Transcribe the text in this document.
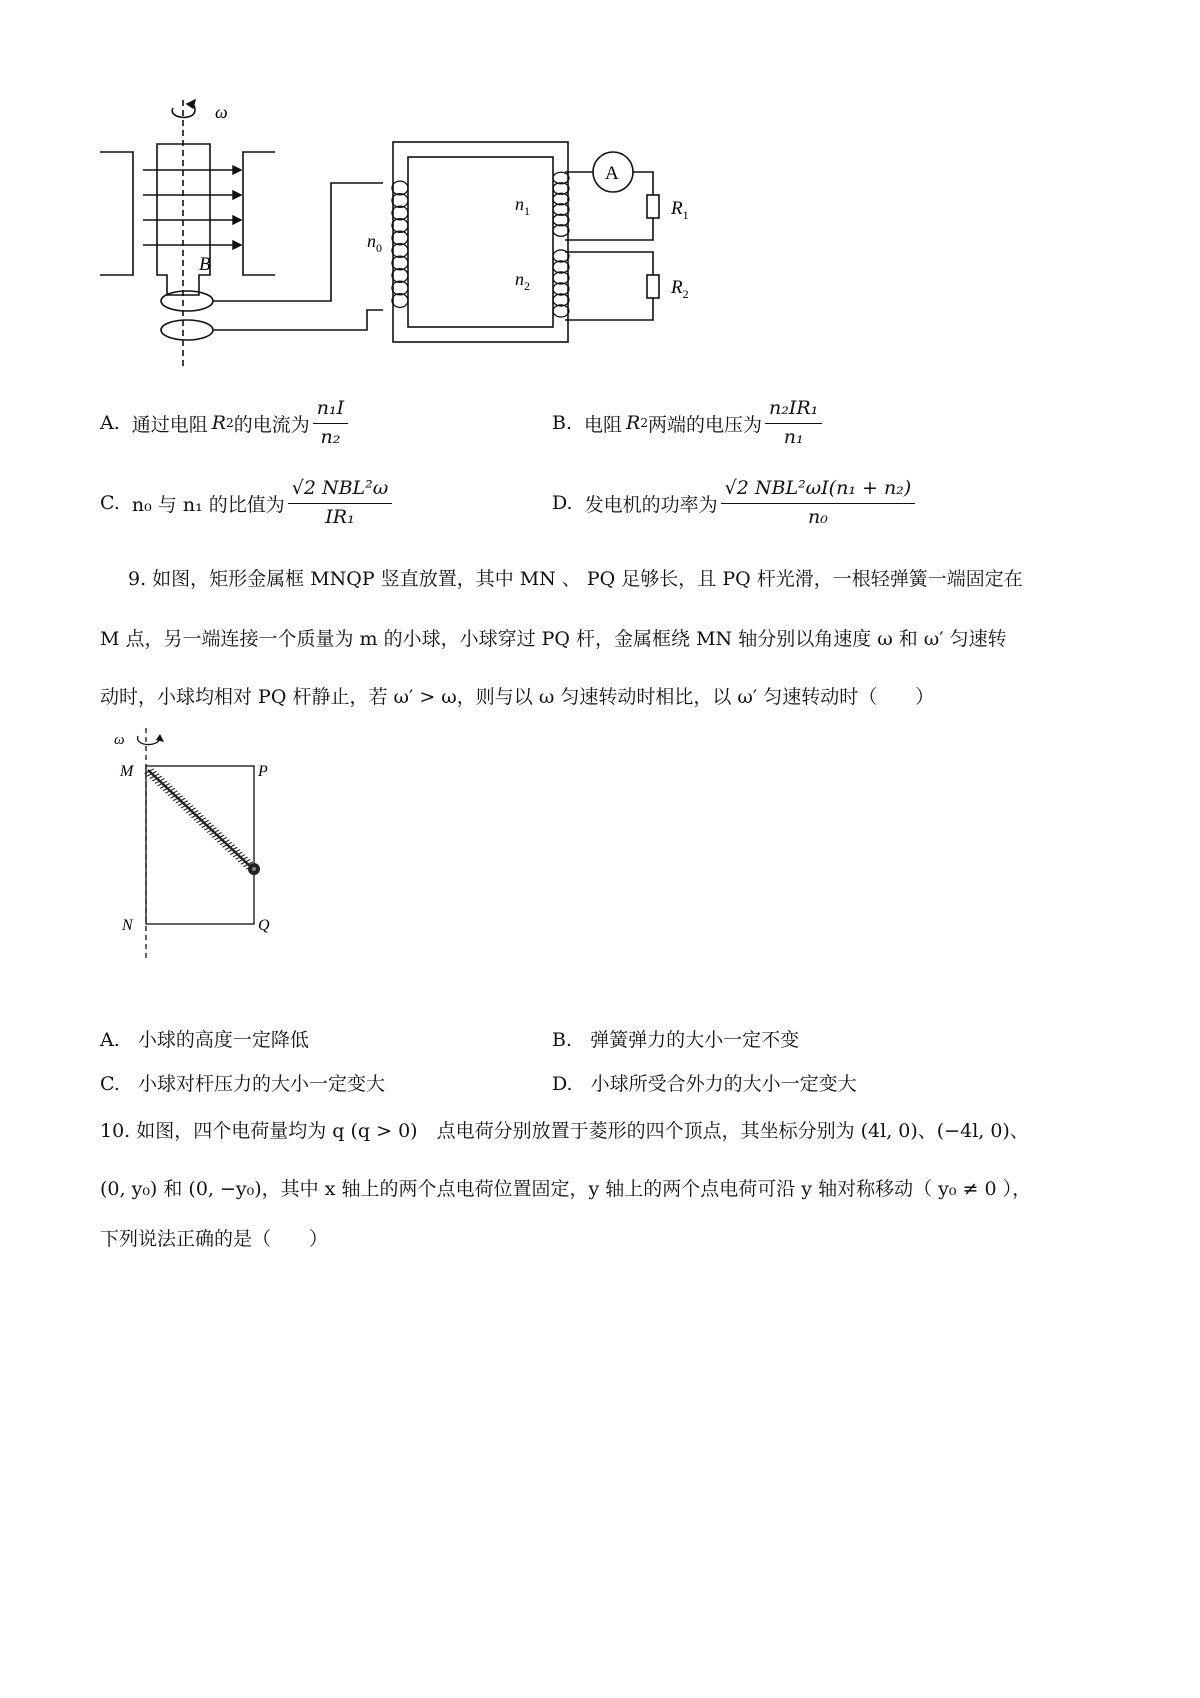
ω
B
$n_0$
$n_1$
$n_2$
A
$R_1$
$R_2$
A. 通过电阻 R 2 的电流为 $\frac{\text{n₁I}}{\text{n₂}}$	B. 电阻 R 2 两端的电压为 $\frac{\text{n₂IR₁}}{\text{n₁}}$
C. n₀ 与 n₁ 的比值为 $\frac{\text{√2 NBL²ω}}{\text{IR₁}}$	D. 发电机的功率为 $\frac{\text{√2 NBL²ωI(n₁ + n₂)}}{\text{n₀}}$
9. 如图，矩形金属框 MNQP 竖直放置，其中 MN 、 PQ 足够长，且 PQ 杆光滑，一根轻弹簧一端固定在
M 点，另一端连接一个质量为 m 的小球，小球穿过 PQ 杆，金属框绕 MN 轴分别以角速度 ω 和 ω′ 匀速转
动时，小球均相对 PQ 杆静止，若 ω′ > ω，则与以 ω 匀速转动时相比，以 ω′ 匀速转动时（　　）
ω
M	P
N	Q
A. 小球的高度一定降低	B. 弹簧弹力的大小一定不变
C. 小球对杆压力的大小一定变大	D. 小球所受合外力的大小一定变大
10. 如图，四个电荷量均为 q (q > 0)　点电荷分别放置于菱形的四个顶点，其坐标分别为 (4l, 0)、(−4l, 0)、
(0, y₀) 和 (0, −y₀)，其中 x 轴上的两个点电荷位置固定，y 轴上的两个点电荷可沿 y 轴对称移动（ y₀ ≠ 0 ），
下列说法正确的是（　　）
